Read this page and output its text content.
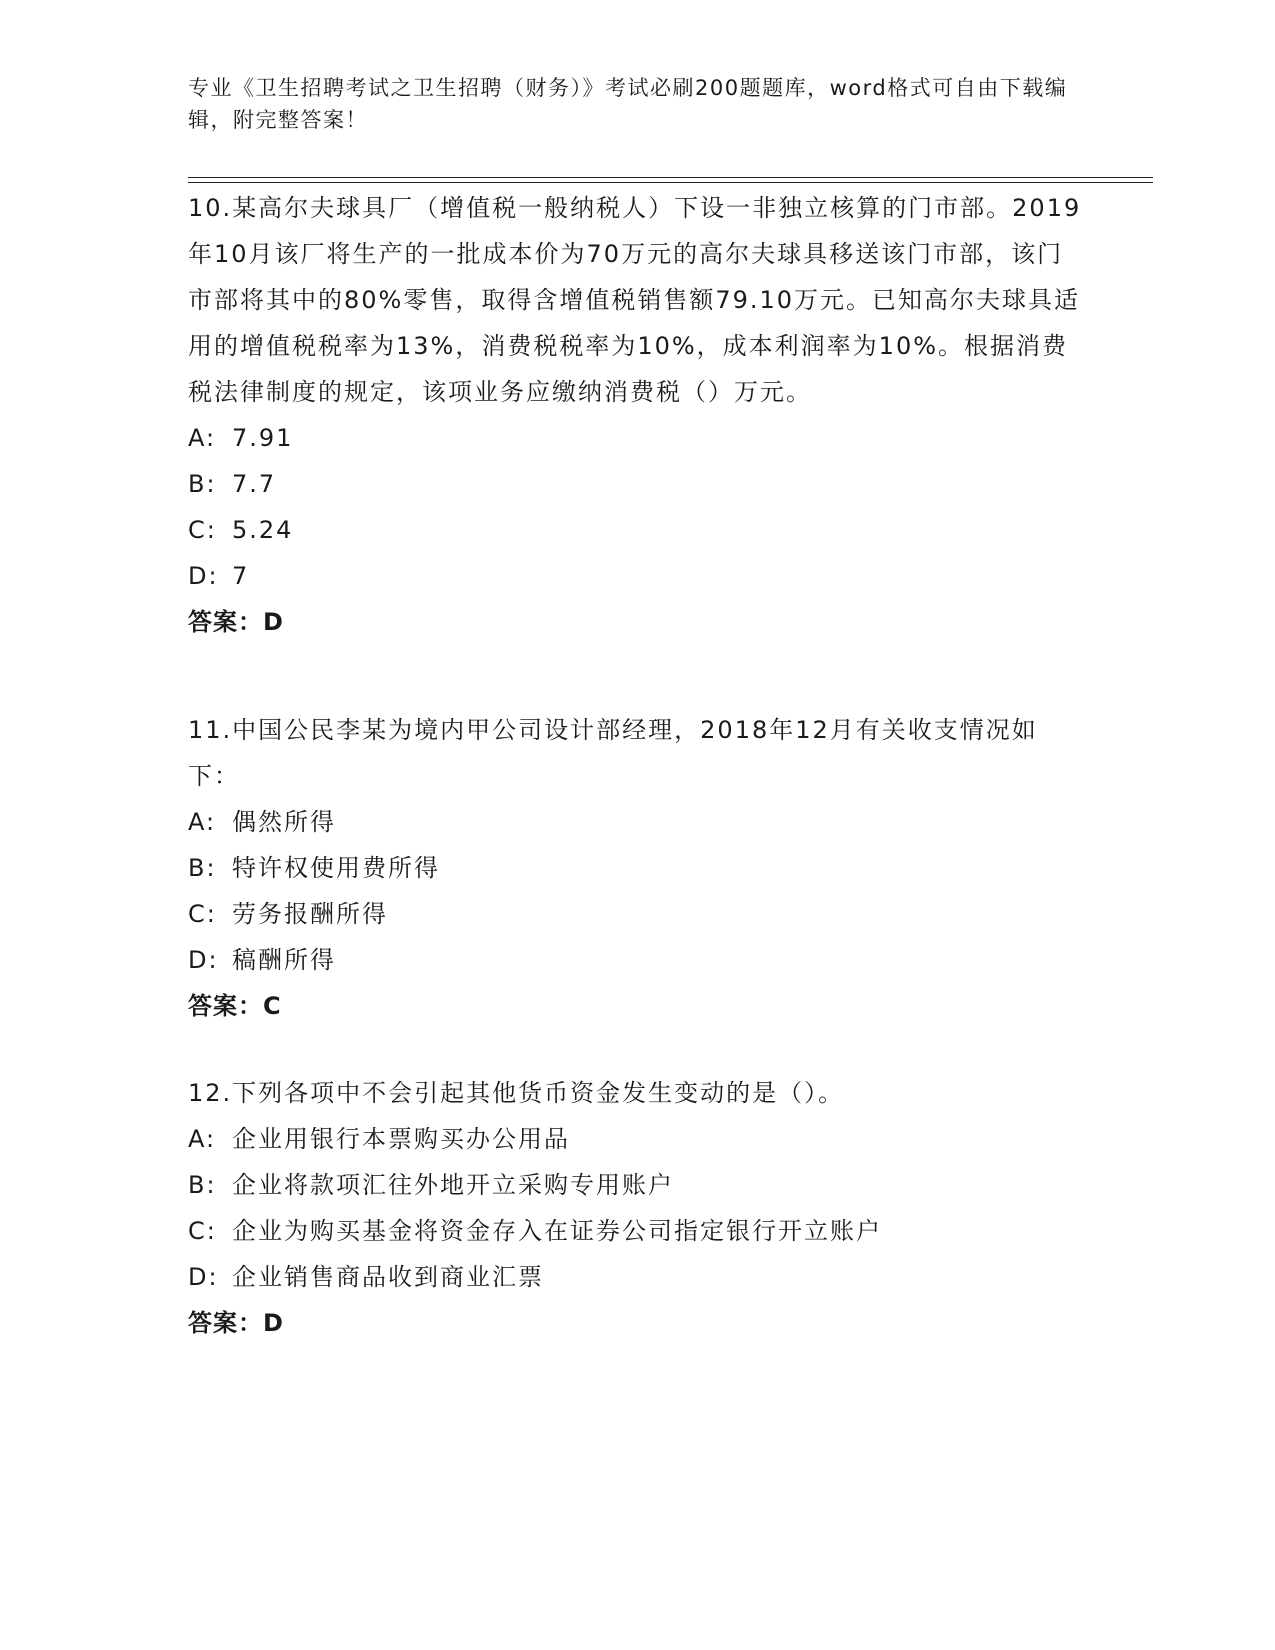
专业《卫生招聘考试之卫生招聘（财务）》考试必刷200题题库，word格式可自由下载编辑，附完整答案！

10.某高尔夫球具厂（增值税一般纳税人）下设一非独立核算的门市部。2019年10月该厂将生产的一批成本价为70万元的高尔夫球具移送该门市部，该门市部将其中的80%零售，取得含增值税销售额79.10万元。已知高尔夫球具适用的增值税税率为13%，消费税税率为10%，成本利润率为10%。根据消费税法律制度的规定，该项业务应缴纳消费税（）万元。

A: 7.91

B: 7.7

C: 5.24

D: 7

答案：D

11.中国公民李某为境内甲公司设计部经理，2018年12月有关收支情况如下：

A: 偶然所得

B: 特许权使用费所得

C: 劳务报酬所得

D: 稿酬所得

答案：C

12.下列各项中不会引起其他货币资金发生变动的是（）。

A: 企业用银行本票购买办公用品

B: 企业将款项汇往外地开立采购专用账户

C: 企业为购买基金将资金存入在证券公司指定银行开立账户

D: 企业销售商品收到商业汇票

答案：D
